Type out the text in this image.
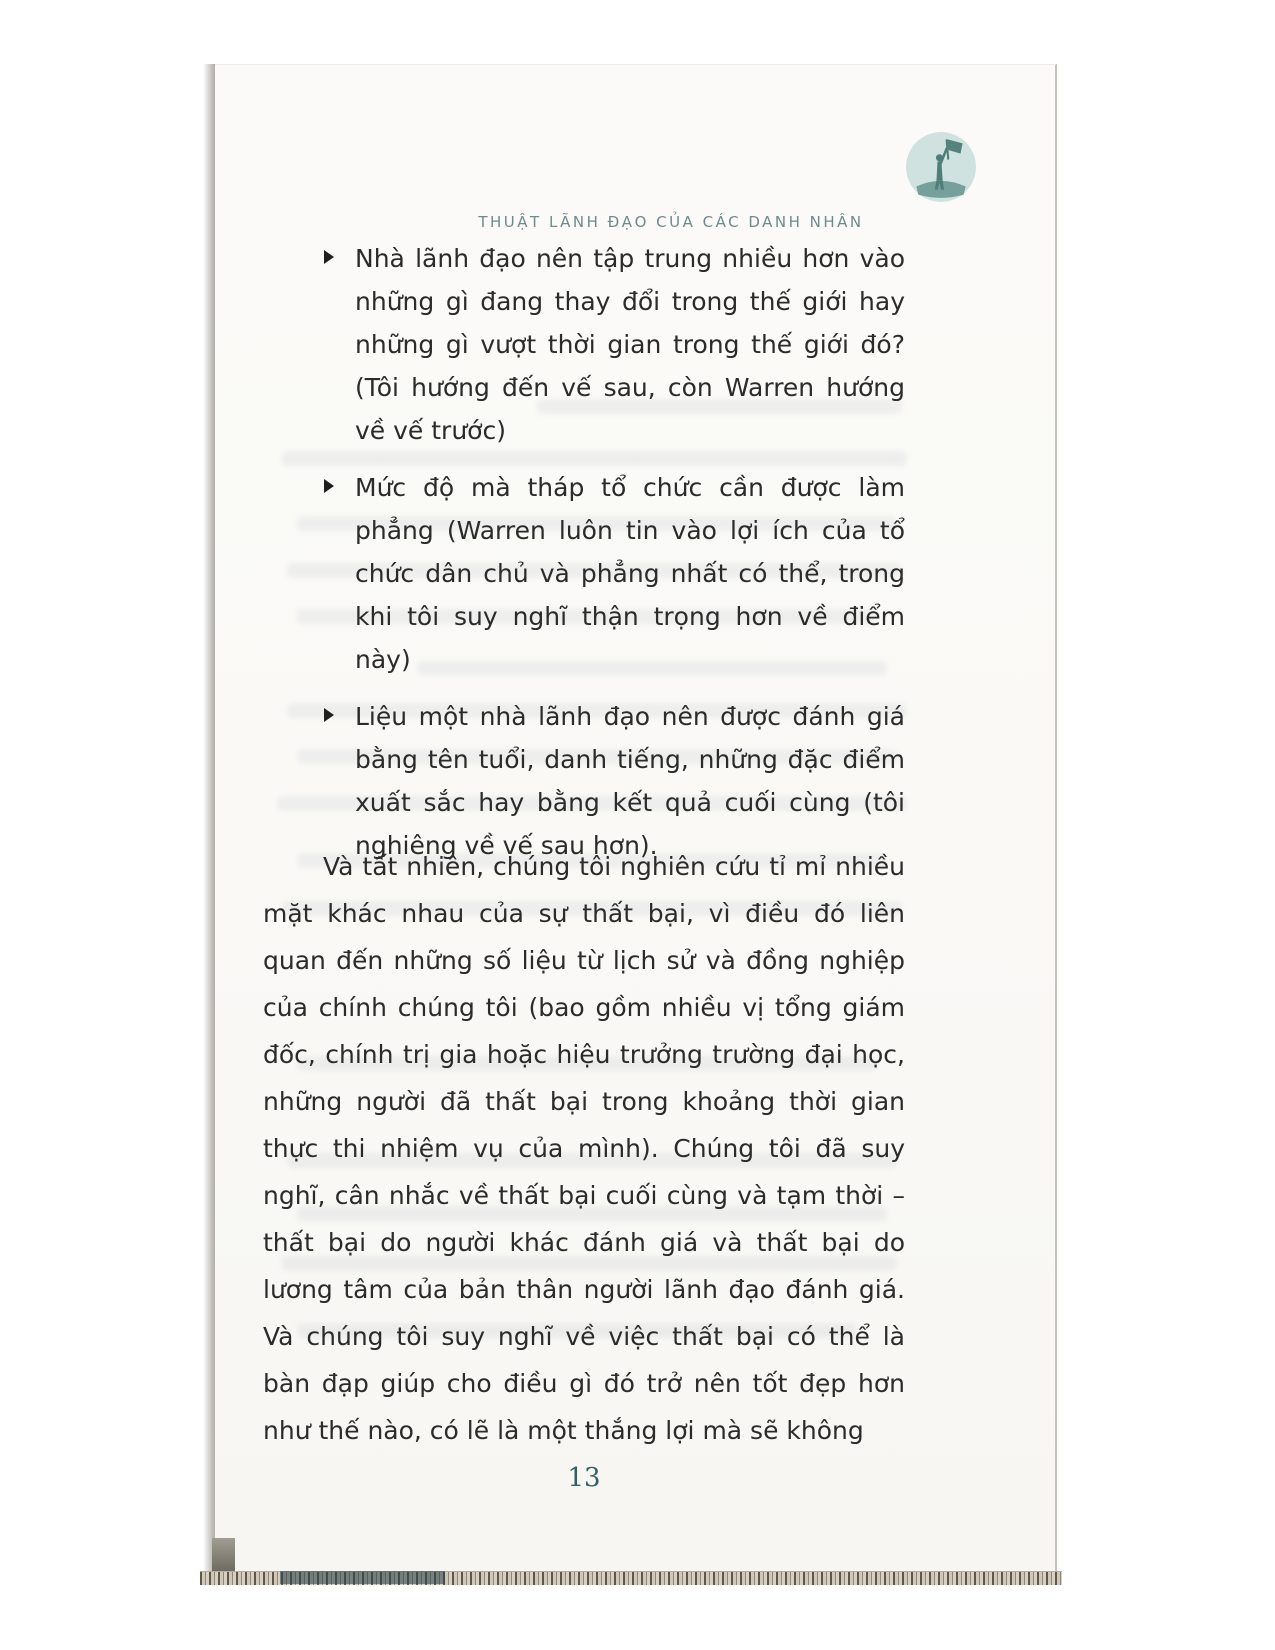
THUẬT LÃNH ĐẠO CỦA CÁC DANH NHÂN
Nhà lãnh đạo nên tập trung nhiều hơn vào những gì đang thay đổi trong thế giới hay những gì vượt thời gian trong thế giới đó? (Tôi hướng đến vế sau, còn Warren hướng về vế trước)
Mức độ mà tháp tổ chức cần được làm phẳng (Warren luôn tin vào lợi ích của tổ chức dân chủ và phẳng nhất có thể, trong khi tôi suy nghĩ thận trọng hơn về điểm này)
Liệu một nhà lãnh đạo nên được đánh giá bằng tên tuổi, danh tiếng, những đặc điểm xuất sắc hay bằng kết quả cuối cùng (tôi nghiêng về vế sau hơn).
Và tất nhiên, chúng tôi nghiên cứu tỉ mỉ nhiều mặt khác nhau của sự thất bại, vì điều đó liên quan đến những số liệu từ lịch sử và đồng nghiệp của chính chúng tôi (bao gồm nhiều vị tổng giám đốc, chính trị gia hoặc hiệu trưởng trường đại học, những người đã thất bại trong khoảng thời gian thực thi nhiệm vụ của mình). Chúng tôi đã suy nghĩ, cân nhắc về thất bại cuối cùng và tạm thời – thất bại do người khác đánh giá và thất bại do lương tâm của bản thân người lãnh đạo đánh giá. Và chúng tôi suy nghĩ về việc thất bại có thể là bàn đạp giúp cho điều gì đó trở nên tốt đẹp hơn như thế nào, có lẽ là một thắng lợi mà sẽ không
13
